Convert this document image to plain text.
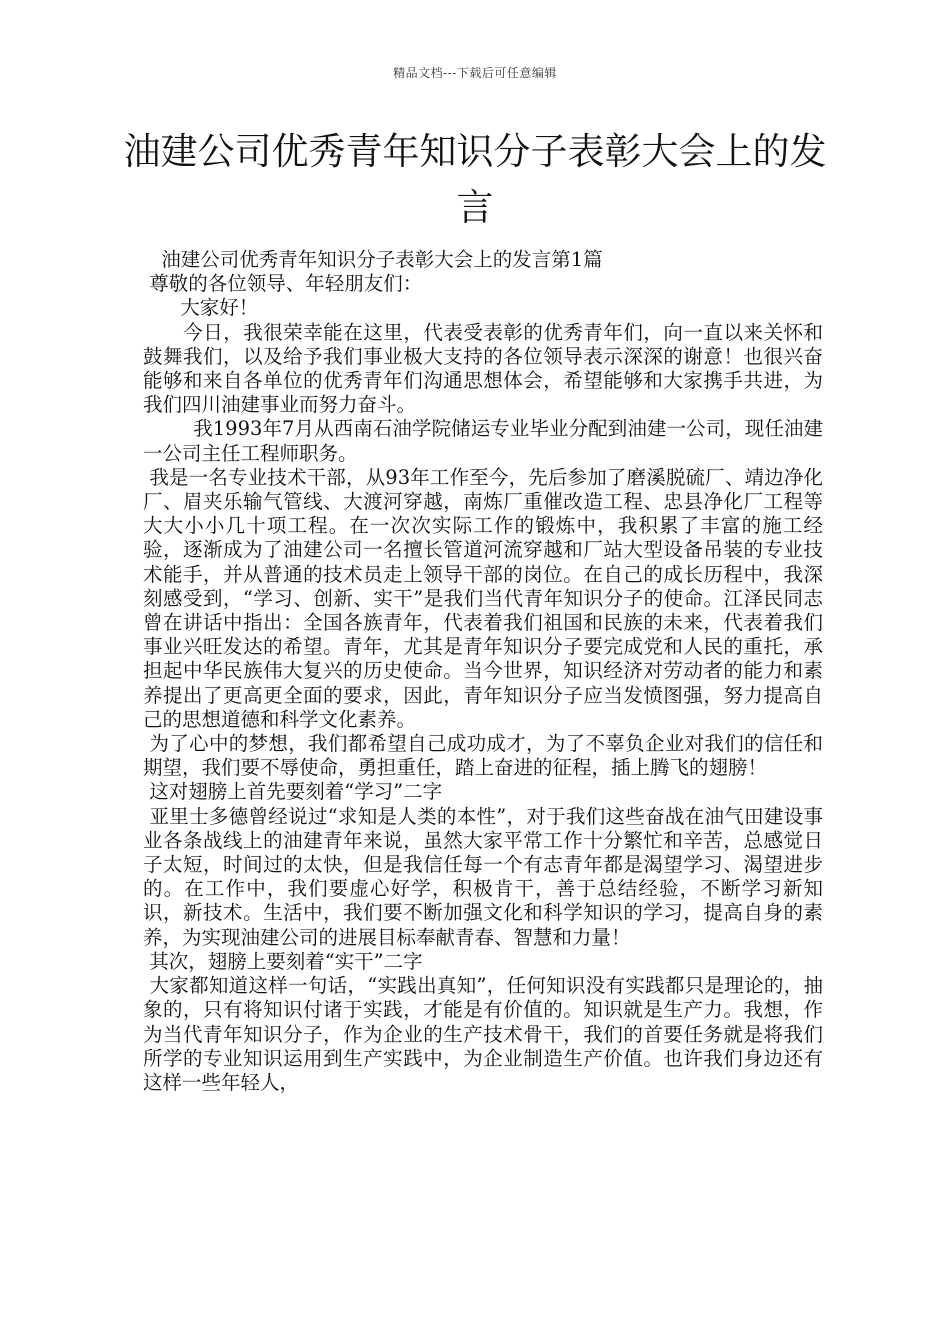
精品文档---下载后可任意编辑
油建公司优秀青年知识分子表彰大会上的发言

油建公司优秀青年知识分子表彰大会上的发言第1篇

尊敬的各位领导、年轻朋友们：

大家好！

今日，我很荣幸能在这里，代表受表彰的优秀青年们，向一直以来关怀和鼓舞我们，以及给予我们事业极大支持的各位领导表示深深的谢意！也很兴奋能够和来自各单位的优秀青年们沟通思想体会，希望能够和大家携手共进，为我们四川油建事业而努力奋斗。

我1993年7月从西南石油学院储运专业毕业分配到油建一公司，现任油建一公司主任工程师职务。

我是一名专业技术干部，从93年工作至今，先后参加了磨溪脱硫厂、靖边净化厂、眉夹乐输气管线、大渡河穿越，南炼厂重催改造工程、忠县净化厂工程等大大小小几十项工程。在一次次实际工作的锻炼中，我积累了丰富的施工经验，逐渐成为了油建公司一名擅长管道河流穿越和厂站大型设备吊装的专业技术能手，并从普通的技术员走上领导干部的岗位。在自己的成长历程中，我深刻感受到，“学习、创新、实干”是我们当代青年知识分子的使命。江泽民同志曾在讲话中指出：全国各族青年，代表着我们祖国和民族的未来，代表着我们事业兴旺发达的希望。青年，尤其是青年知识分子要完成党和人民的重托，承担起中华民族伟大复兴的历史使命。当今世界，知识经济对劳动者的能力和素养提出了更高更全面的要求，因此，青年知识分子应当发愤图强，努力提高自己的思想道德和科学文化素养。

为了心中的梦想，我们都希望自己成功成才，为了不辜负企业对我们的信任和期望，我们要不辱使命，勇担重任，踏上奋进的征程，插上腾飞的翅膀！

这对翅膀上首先要刻着“学习”二字

亚里士多德曾经说过“求知是人类的本性”，对于我们这些奋战在油气田建设事业各条战线上的油建青年来说，虽然大家平常工作十分繁忙和辛苦，总感觉日子太短，时间过的太快，但是我信任每一个有志青年都是渴望学习、渴望进步的。在工作中，我们要虚心好学，积极肯干，善于总结经验，不断学习新知识，新技术。生活中，我们要不断加强文化和科学知识的学习，提高自身的素养，为实现油建公司的进展目标奉献青春、智慧和力量！

其次，翅膀上要刻着“实干”二字

大家都知道这样一句话，“实践出真知”，任何知识没有实践都只是理论的，抽象的，只有将知识付诸于实践，才能是有价值的。知识就是生产力。我想，作为当代青年知识分子，作为企业的生产技术骨干，我们的首要任务就是将我们所学的专业知识运用到生产实践中，为企业制造生产价值。也许我们身边还有这样一些年轻人，
